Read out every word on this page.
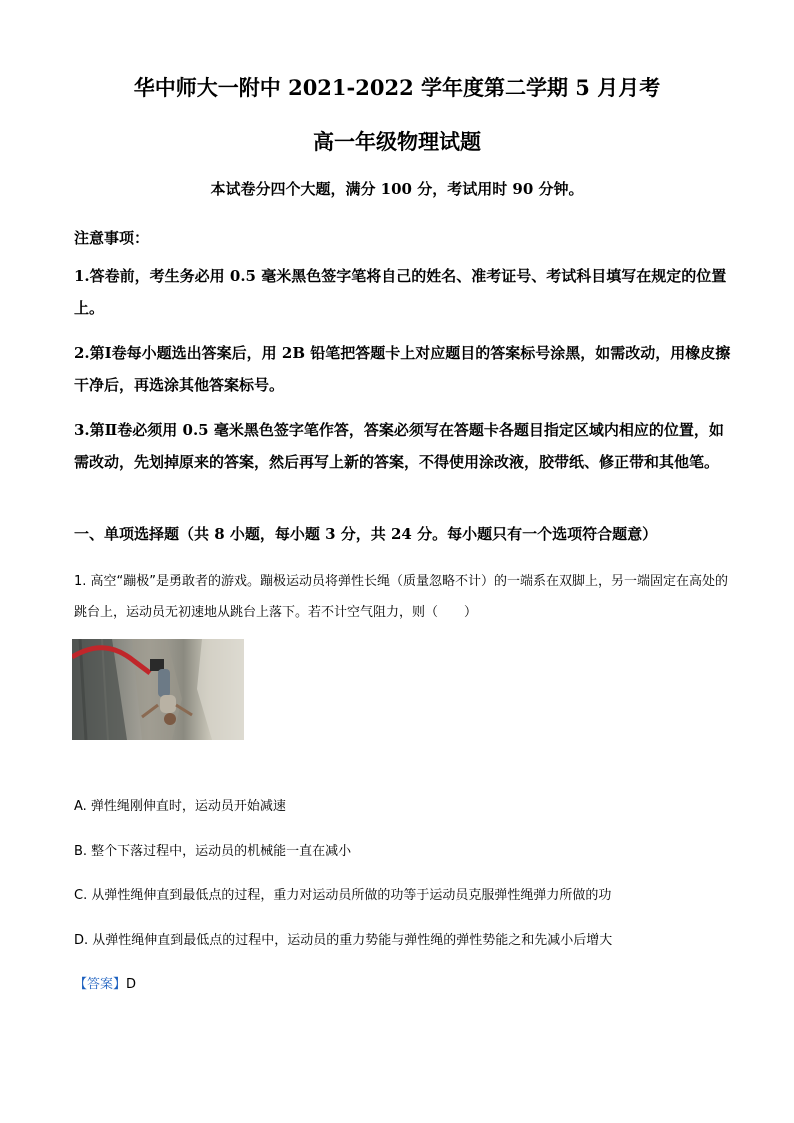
华中师大一附中 2021-2022 学年度第二学期 5 月月考
高一年级物理试题
本试卷分四个大题，满分 100 分，考试用时 90 分钟。
注意事项：
1.答卷前，考生务必用 0.5 毫米黑色签字笔将自己的姓名、准考证号、考试科目填写在规定的位置上。
2.第Ⅰ卷每小题选出答案后，用 2B 铅笔把答题卡上对应题目的答案标号涂黑，如需改动，用橡皮擦干净后，再选涂其他答案标号。
3.第Ⅱ卷必须用 0.5 毫米黑色签字笔作答，答案必须写在答题卡各题目指定区域内相应的位置，如需改动，先划掉原来的答案，然后再写上新的答案，不得使用涂改液，胶带纸、修正带和其他笔。
一、单项选择题（共 8 小题，每小题 3 分，共 24 分。每小题只有一个选项符合题意）
1. 高空“蹦极”是勇敢者的游戏。蹦极运动员将弹性长绳（质量忽略不计）的一端系在双脚上，另一端固定在高处的跳台上，运动员无初速地从跳台上落下。若不计空气阻力，则（　　）
A. 弹性绳刚伸直时，运动员开始减速
B. 整个下落过程中，运动员的机械能一直在减小
C. 从弹性绳伸直到最低点的过程，重力对运动员所做的功等于运动员克服弹性绳弹力所做的功
D. 从弹性绳伸直到最低点的过程中，运动员的重力势能与弹性绳的弹性势能之和先减小后增大
【答案】D
